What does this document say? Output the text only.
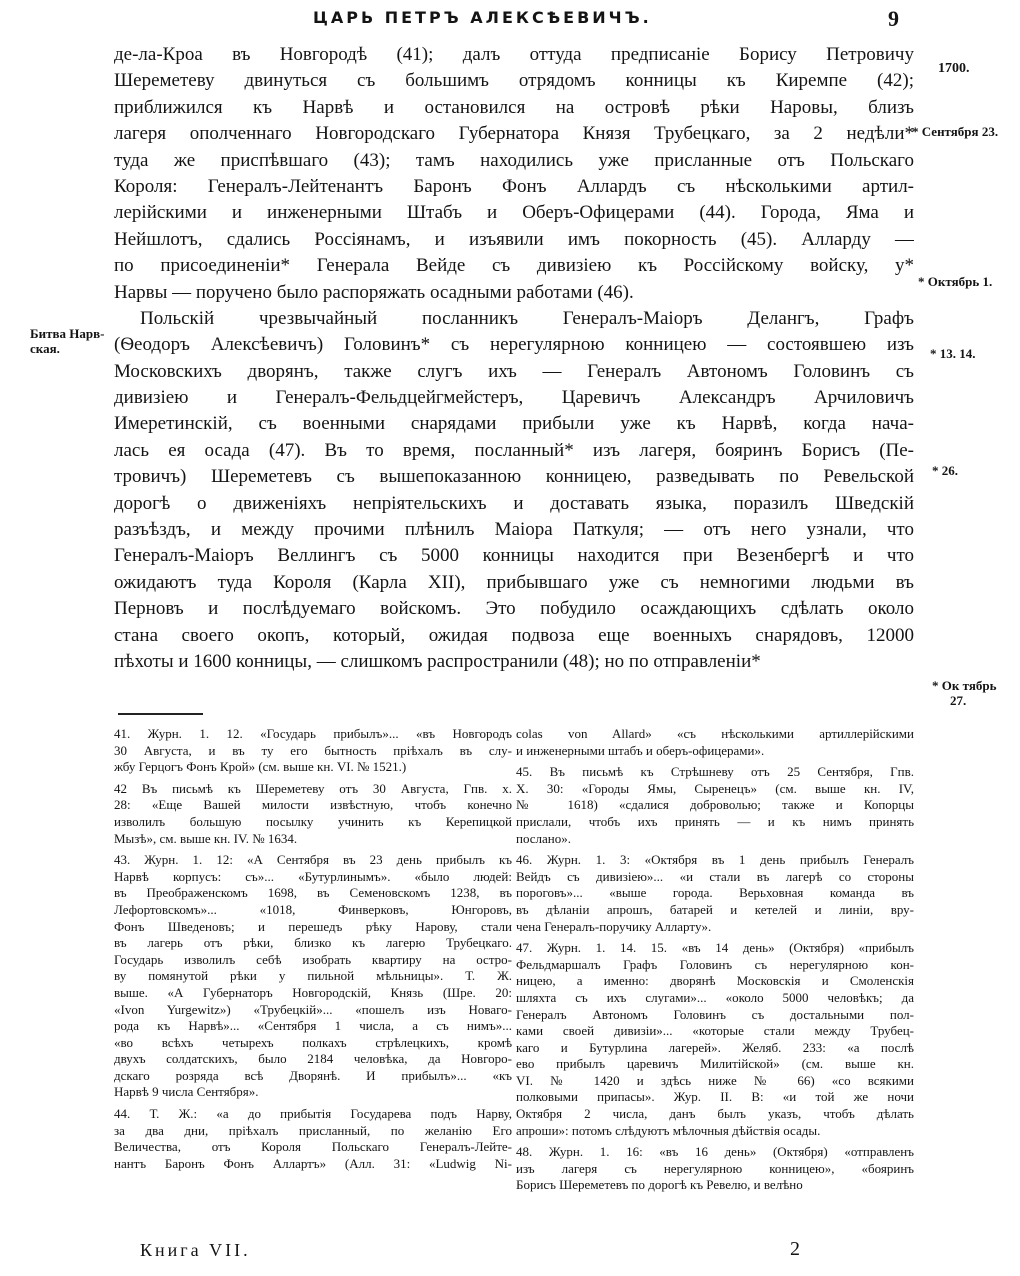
ЦАРЬ ПЕТРЪ АЛЕКСѢЕВИЧЪ.	9
де-ла-Кроа въ Новгородѣ (41); далъ оттуда предписаніе Борису Петровичу
Шереметеву двинуться съ большимъ отрядомъ конницы къ Киремпе (42);
приближился къ Нарвѣ и остановился на островѣ рѣки Наровы, близъ
лагеря ополченнаго Новгородскаго Губернатора Князя Трубецкаго, за 2 недѣли*
туда же приспѣвшаго (43); тамъ находились уже присланные отъ Польскаго
Короля: Генералъ-Лейтенантъ Баронъ Фонъ Аллардъ съ нѣсколькими артил-
лерійскими и инженерными Штабъ и Оберъ-Офицерами (44). Города, Яма и
Нейшлотъ, сдались Россіянамъ, и изъявили имъ покорность (45). Алларду —
по присоединеніи* Генерала Вейде съ дивизіею къ Россійскому войску, у*
Нарвы — поручено было распоряжать осадными работами (46).
Польскій чрезвычайный посланникъ Генералъ-Маіоръ Делангъ, Графъ
(Ѳеодоръ Алексѣевичъ) Головинъ* съ нерегулярною конницею — состоявшею изъ
Московскихъ дворянъ, также слугъ ихъ — Генералъ Автономъ Головинъ съ
дивизіею и Генералъ-Фельдцейгмейстеръ, Царевичъ Александръ Арчиловичъ
Имеретинскій, съ военными снарядами прибыли уже къ Нарвѣ, когда нача-
лась ея осада (47). Въ то время, посланный* изъ лагеря, бояринъ Борисъ (Пе-
тровичъ) Шереметевъ съ вышепоказанною конницею, разведывать по Ревельской
дорогѣ о движеніяхъ непріятельскихъ и доставать языка, поразилъ Шведскій
разъѣздъ, и между прочими плѣнилъ Маіора Паткуля; — отъ него узнали, что
Генералъ-Маіоръ Веллингъ съ 5000 конницы находится при Везенбергѣ и что
ожидаютъ туда Короля (Карла XII), прибывшаго уже съ немногими людьми въ
Перновъ и послѣдуемаго войскомъ. Это побудило осаждающихъ сдѣлать около
стана своего окопъ, который, ожидая подвоза еще военныхъ снарядовъ, 12000
пѣхоты и 1600 конницы, — слишкомъ распространили (48); но по отправленіи*
1700.
* Сентября 23.
* Октябрь 1.
Битва Нарв-
ская.	* 13. 14.
* 26.
* Ок тябрь
27.
41. Журн. 1. 12. «Государь прибылъ»... «въ Новгородъ
30 Августа, и въ ту его бытность пріѣхалъ въ слу-
жбу Герцогъ Фонъ Крой» (см. выше кн. VI. № 1521.)
42 Въ письмѣ къ Шереметеву отъ 30 Августа, Гпв. х.
28: «Еще Вашей милости извѣстную, чтобъ конечно
изволилъ большую посылку учинить къ Керепицкой
Мызѣ», см. выше кн. IV. № 1634.
43. Журн. 1. 12: «А Сентября въ 23 день прибылъ къ
Нарвѣ корпусъ: съ»... «Бутурлинымъ». «было людей:
въ Преображенскомъ 1698, въ Семеновскомъ 1238, въ
Лефортовскомъ»... «1018, Финверковъ, Юнгоровъ,
Фонъ Шведеновъ; и перешедъ рѣку Нарову, стали
въ лагерь отъ рѣки, близко къ лагерю Трубецкаго.
Государь изволилъ себѣ изобрать квартиру на остро-
ву помянутой рѣки у пильной мѣльницы». Т. Ж.
выше. «А Губернаторъ Новгородскій, Князь (Шре. 20:
«Ivon Yurgewitz») «Трубецкій»... «пошелъ изъ Новаго-
рода къ Нарвѣ»... «Сентября 1 числа, а съ нимъ»...
«во всѣхъ четырехъ полкахъ стрѣлецкихъ, кромѣ
двухъ солдатскихъ, было 2184 человѣка, да Новгоро-
дскаго розряда всѣ Дворянѣ. И прибылъ»... «къ
Нарвѣ 9 числа Сентября».
44. Т. Ж.: «а до прибытія Государева подъ Нарву,
за два дни, пріѣхалъ присланный, по желанію Его
Величества, отъ Короля Польскаго Генералъ-Лейте-
нантъ Баронъ Фонъ Аллартъ» (Алл. 31: «Ludwig Ni-
colas von Allard» «съ нѣсколькими артиллерійскими
и инженерными штабъ и оберъ-офицерами».
45. Въ письмѣ къ Стрѣшневу отъ 25 Сентября, Гпв.
Х. 30: «Городы Ямы, Сыренецъ» (см. выше кн. IV,
№ 1618) «сдалися доброволью; также и Копорцы
прислали, чтобъ ихъ принять — и къ нимъ принять
послано».
46. Журн. 1. 3: «Октября въ 1 день прибылъ Генералъ
Вейдъ съ дивизіею»... «и стали въ лагерѣ со стороны
пороговъ»... «выше города. Верьховная команда въ
въ дѣланіи апрошъ, батарей и кетелей и линіи, вру-
чена Генералъ-поручику Аллартy».
47. Журн. 1. 14. 15. «въ 14 день» (Октября) «прибылъ
Фельдмаршалъ Графъ Головинъ съ нерегулярною кон-
ницею, а именно: дворянѣ Московскія и Смоленскія
шляхта съ ихъ слугами»... «около 5000 человѣкъ; да
Генералъ Автономъ Головинъ съ достальными пол-
ками своей дивизіи»... «которые стали между Трубец-
каго и Бутурлина лагерей». Желяб. 233: «а послѣ
ево прибылъ царевичъ Милитійской» (см. выше кн.
VI. № 1420 и здѣсь ниже № 66) «со всякими
полковыми припасы». Жур. II. В: «и той же ночи
Октября 2 числа, данъ былъ указъ, чтобъ дѣлать
апроши»: потомъ слѣдуютъ мѣлочныя дѣйствія осады.
48. Журн. 1. 16: «въ 16 день» (Октября) «отправленъ
изъ лагеря съ нерегулярною конницею», «бояринъ
Борисъ Шереметевъ по дорогѣ къ Ревелю, и велѣно
Книга VII.	2
